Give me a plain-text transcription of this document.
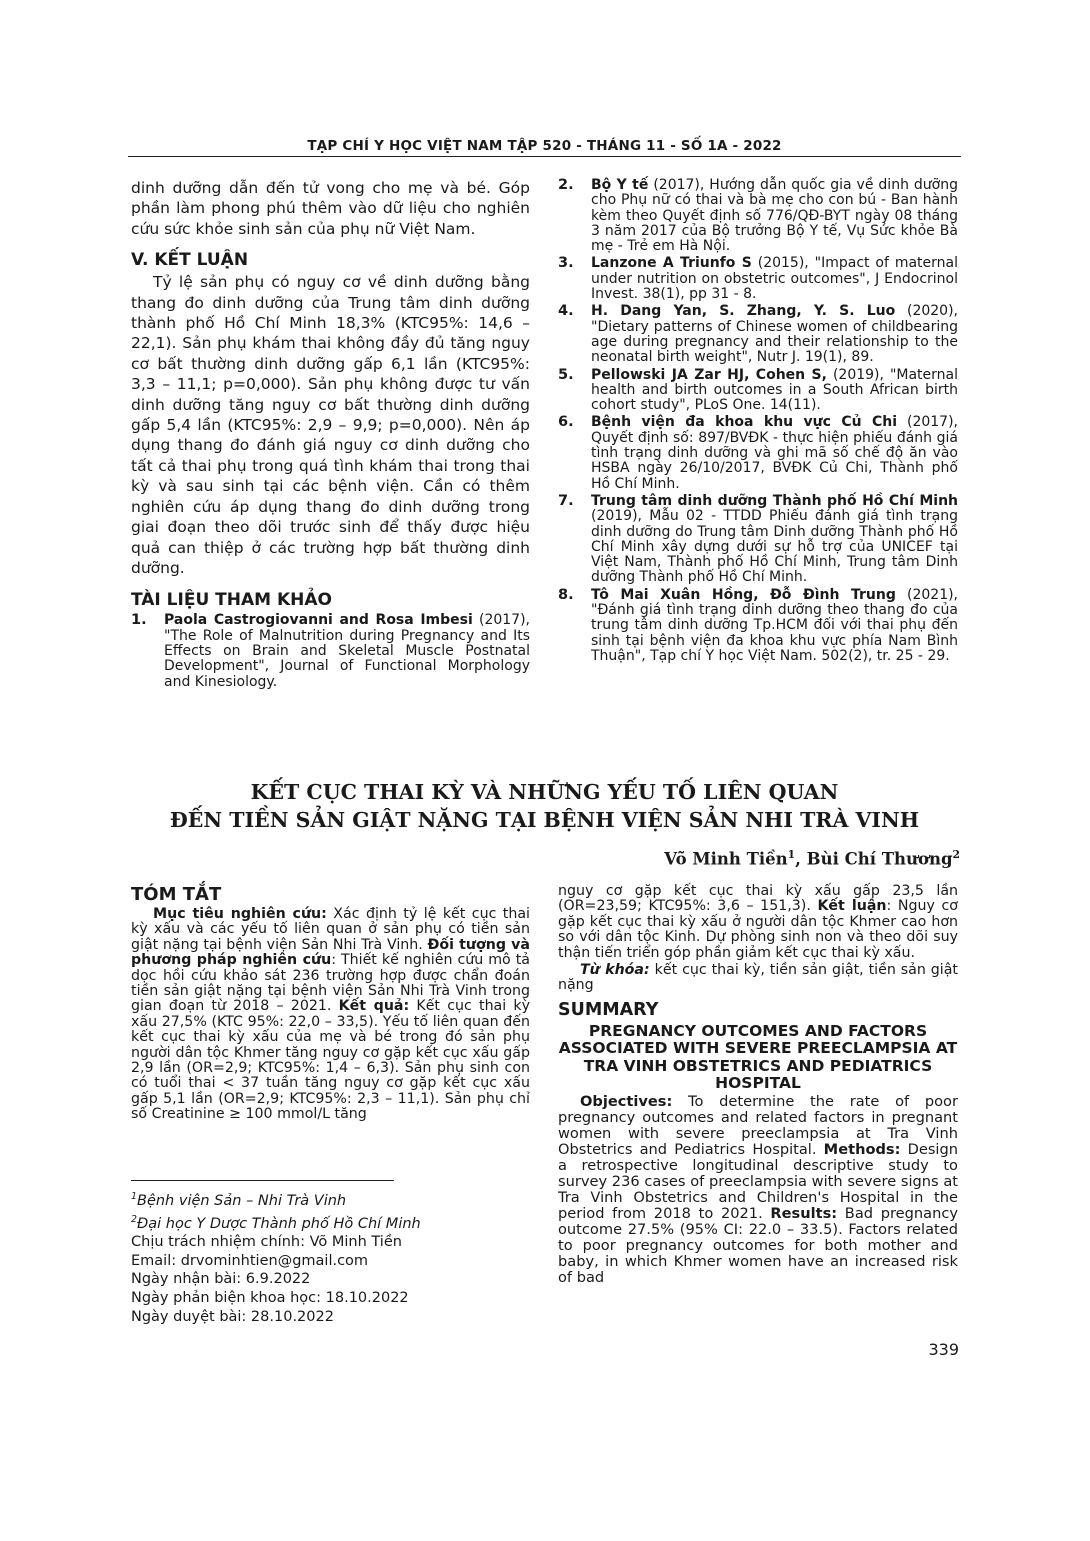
TẠP CHÍ Y HỌC VIỆT NAM TẬP 520 - THÁNG 11 - SỐ 1A - 2022

dinh dưỡng dẫn đến tử vong cho mẹ và bé. Góp phần làm phong phú thêm vào dữ liệu cho nghiên cứu sức khỏe sinh sản của phụ nữ Việt Nam.

V. KẾT LUẬN

Tỷ lệ sản phụ có nguy cơ về dinh dưỡng bằng thang đo dinh dưỡng của Trung tâm dinh dưỡng thành phố Hồ Chí Minh 18,3% (KTC95%: 14,6 – 22,1). Sản phụ khám thai không đầy đủ tăng nguy cơ bất thường dinh dưỡng gấp 6,1 lần (KTC95%: 3,3 – 11,1; p=0,000). Sản phụ không được tư vấn dinh dưỡng tăng nguy cơ bất thường dinh dưỡng gấp 5,4 lần (KTC95%: 2,9 – 9,9; p=0,000). Nên áp dụng thang đo đánh giá nguy cơ dinh dưỡng cho tất cả thai phụ trong quá tình khám thai trong thai kỳ và sau sinh tại các bệnh viện. Cần có thêm nghiên cứu áp dụng thang đo dinh dưỡng trong giai đoạn theo dõi trước sinh để thấy được hiệu quả can thiệp ở các trường hợp bất thường dinh dưỡng.

TÀI LIỆU THAM KHẢO

1. Paola Castrogiovanni and Rosa Imbesi (2017), "The Role of Malnutrition during Pregnancy and Its Effects on Brain and Skeletal Muscle Postnatal Development", Journal of Functional Morphology and Kinesiology.
2. Bộ Y tế (2017), Hướng dẫn quốc gia về dinh dưỡng cho Phụ nữ có thai và bà mẹ cho con bú - Ban hành kèm theo Quyết định số 776/QĐ-BYT ngày 08 tháng 3 năm 2017 của Bộ trưởng Bộ Y tế, Vụ Sức khỏe Bà mẹ - Trẻ em Hà Nội.
3. Lanzone A Triunfo S (2015), "Impact of maternal under nutrition on obstetric outcomes", J Endocrinol Invest. 38(1), pp 31 - 8.
4. H. Dang Yan, S. Zhang, Y. S. Luo (2020), "Dietary patterns of Chinese women of childbearing age during pregnancy and their relationship to the neonatal birth weight", Nutr J. 19(1), 89.
5. Pellowski JA Zar HJ, Cohen S, (2019), "Maternal health and birth outcomes in a South African birth cohort study", PLoS One. 14(11).
6. Bệnh viện đa khoa khu vực Củ Chi (2017), Quyết định số: 897/BVĐK - thực hiện phiếu đánh giá tình trạng dinh dưỡng và ghi mã số chế độ ăn vào HSBA ngày 26/10/2017, BVĐK Củ Chi, Thành phố Hồ Chí Minh.
7. Trung tâm dinh dưỡng Thành phố Hồ Chí Minh (2019), Mẫu 02 - TTDD Phiếu đánh giá tình trạng dinh dưỡng do Trung tâm Dinh dưỡng Thành phố Hồ Chí Minh xây dựng dưới sự hỗ trợ của UNICEF tại Việt Nam, Thành phố Hồ Chí Minh, Trung tâm Dinh dưỡng Thành phố Hồ Chí Minh.
8. Tô Mai Xuân Hồng, Đỗ Đình Trung (2021), "Đánh giá tình trạng dinh dưỡng theo thang đo của trung tâm dinh dưỡng Tp.HCM đối với thai phụ đến sinh tại bệnh viện đa khoa khu vực phía Nam Bình Thuận", Tạp chí Y học Việt Nam. 502(2), tr. 25 - 29.
KẾT CỤC THAI KỲ VÀ NHỮNG YẾU TỐ LIÊN QUAN
ĐẾN TIỀN SẢN GIẬT NẶNG TẠI BỆNH VIỆN SẢN NHI TRÀ VINH
Võ Minh Tiền$^1$, Bùi Chí Thương$^2$

TÓM TẮT

Mục tiêu nghiên cứu: Xác định tỷ lệ kết cục thai kỳ xấu và các yếu tố liên quan ở sản phụ có tiền sản giật nặng tại bệnh viện Sản Nhi Trà Vinh. Đối tượng và phương pháp nghiên cứu: Thiết kế nghiên cứu mô tả dọc hồi cứu khảo sát 236 trường hợp được chẩn đoán tiền sản giật nặng tại bệnh viện Sản Nhi Trà Vinh trong gian đoạn từ 2018 – 2021. Kết quả: Kết cục thai kỳ xấu 27,5% (KTC 95%: 22,0 – 33,5). Yếu tố liên quan đến kết cục thai kỳ xấu của mẹ và bé trong đó sản phụ người dân tộc Khmer tăng nguy cơ gặp kết cục xấu gấp 2,9 lần (OR=2,9; KTC95%: 1,4 – 6,3). Sản phụ sinh con có tuổi thai < 37 tuần tăng nguy cơ gặp kết cục xấu gấp 5,1 lần (OR=2,9; KTC95%: 2,3 – 11,1). Sản phụ chỉ số Creatinine ≥ 100 mmol/L tăng

$^1$Bệnh viện Sản – Nhi Trà Vinh
$^2$Đại học Y Dược Thành phố Hồ Chí Minh
Chịu trách nhiệm chính: Võ Minh Tiền
Email: drvominhtien@gmail.com
Ngày nhận bài: 6.9.2022
Ngày phản biện khoa học: 18.10.2022
Ngày duyệt bài: 28.10.2022

nguy cơ gặp kết cục thai kỳ xấu gấp 23,5 lần (OR=23,59; KTC95%: 3,6 – 151,3). Kết luận: Nguy cơ gặp kết cục thai kỳ xấu ở người dân tộc Khmer cao hơn so với dân tộc Kinh. Dự phòng sinh non và theo dõi suy thận tiến triển góp phần giảm kết cục thai kỳ xấu.

Từ khóa: kết cục thai kỳ, tiền sản giật, tiền sản giật nặng

SUMMARY

PREGNANCY OUTCOMES AND FACTORS ASSOCIATED WITH SEVERE PREECLAMPSIA AT TRA VINH OBSTETRICS AND PEDIATRICS HOSPITAL

Objectives: To determine the rate of poor pregnancy outcomes and related factors in pregnant women with severe preeclampsia at Tra Vinh Obstetrics and Pediatrics Hospital. Methods: Design a retrospective longitudinal descriptive study to survey 236 cases of preeclampsia with severe signs at Tra Vinh Obstetrics and Children's Hospital in the period from 2018 to 2021. Results: Bad pregnancy outcome 27.5% (95% CI: 22.0 – 33.5). Factors related to poor pregnancy outcomes for both mother and baby, in which Khmer women have an increased risk of bad

339
